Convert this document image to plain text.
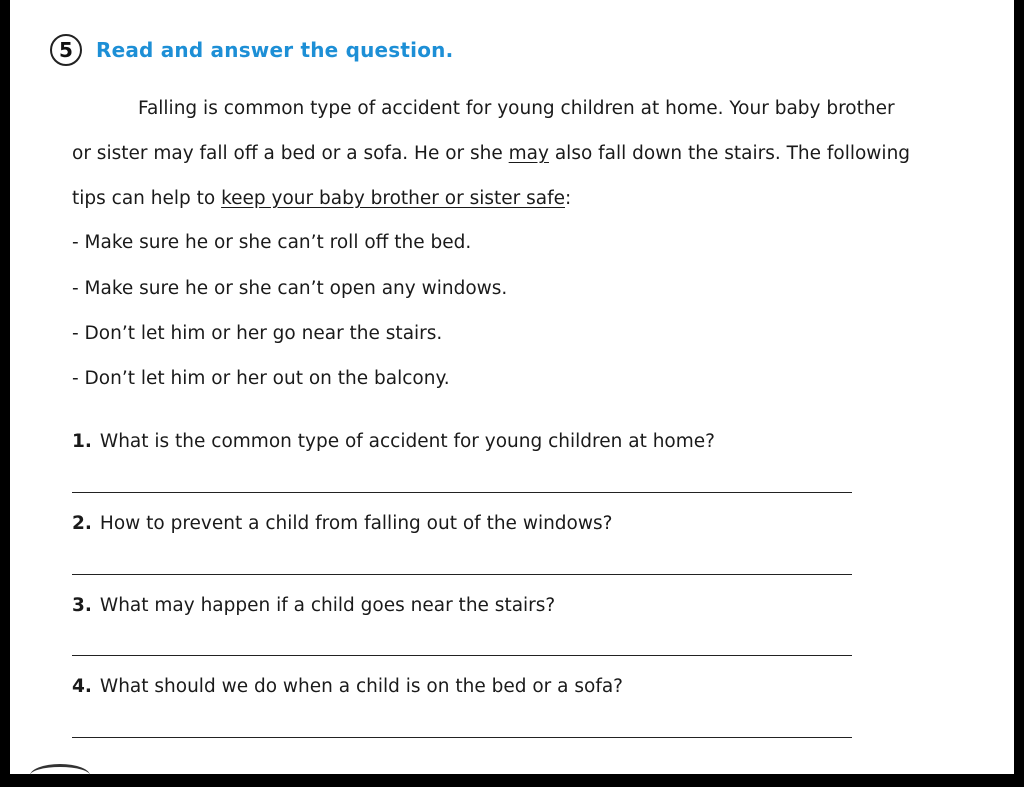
5	Read and answer the question.
Falling is common type of accident for young children at home. Your baby brother
or sister may fall off a bed or a sofa. He or she may also fall down the stairs. The following
tips can help to keep your baby brother or sister safe:
- Make sure he or she can’t roll off the bed.
- Make sure he or she can’t open any windows.
- Don’t let him or her go near the stairs.
- Don’t let him or her out on the balcony.
1. What is the common type of accident for young children at home?
2. How to prevent a child from falling out of the windows?
3. What may happen if a child goes near the stairs?
4. What should we do when a child is on the bed or a sofa?
